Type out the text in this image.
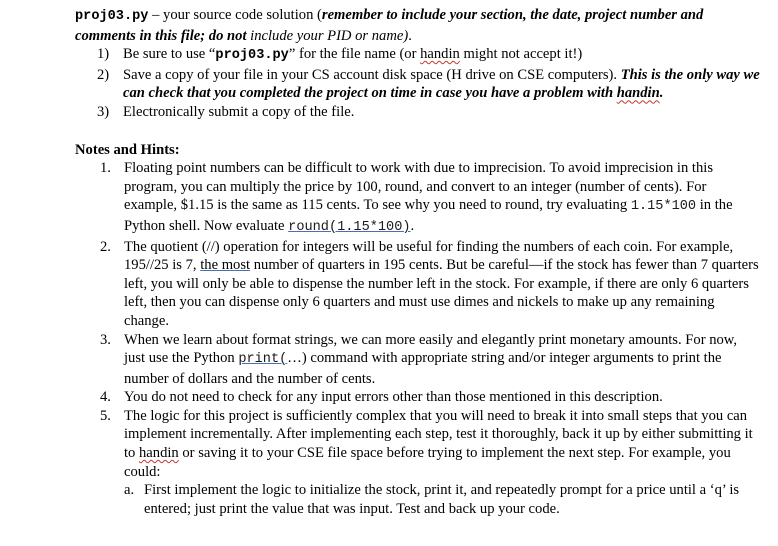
proj03.py – your source code solution (remember to include your section, the date, project number and comments in this file; do not include your PID or name).

1) Be sure to use “proj03.py” for the file name (or handin might not accept it!)
2) Save a copy of your file in your CS account disk space (H drive on CSE computers). This is the only way we can check that you completed the project on time in case you have a problem with handin.
3) Electronically submit a copy of the file.
Notes and Hints:
1. Floating point numbers can be difficult to work with due to imprecision. To avoid imprecision in this program, you can multiply the price by 100, round, and convert to an integer (number of cents). For example, $1.15 is the same as 115 cents. To see why you need to round, try evaluating 1.15*100 in the Python shell. Now evaluate round(1.15*100).
2. The quotient (//) operation for integers will be useful for finding the numbers of each coin. For example, 195//25 is 7, the most number of quarters in 195 cents. But be careful—if the stock has fewer than 7 quarters left, you will only be able to dispense the number left in the stock. For example, if there are only 6 quarters left, then you can dispense only 6 quarters and must use dimes and nickels to make up any remaining change.
3. When we learn about format strings, we can more easily and elegantly print monetary amounts. For now, just use the Python print(…) command with appropriate string and/or integer arguments to print the number of dollars and the number of cents.
4. You do not need to check for any input errors other than those mentioned in this description.
5. The logic for this project is sufficiently complex that you will need to break it into small steps that you can implement incrementally. After implementing each step, test it thoroughly, back it up by either submitting it to handin or saving it to your CSE file space before trying to implement the next step. For example, you could:
a. First implement the logic to initialize the stock, print it, and repeatedly prompt for a price until a ‘q’ is entered; just print the value that was input. Test and back up your code.
